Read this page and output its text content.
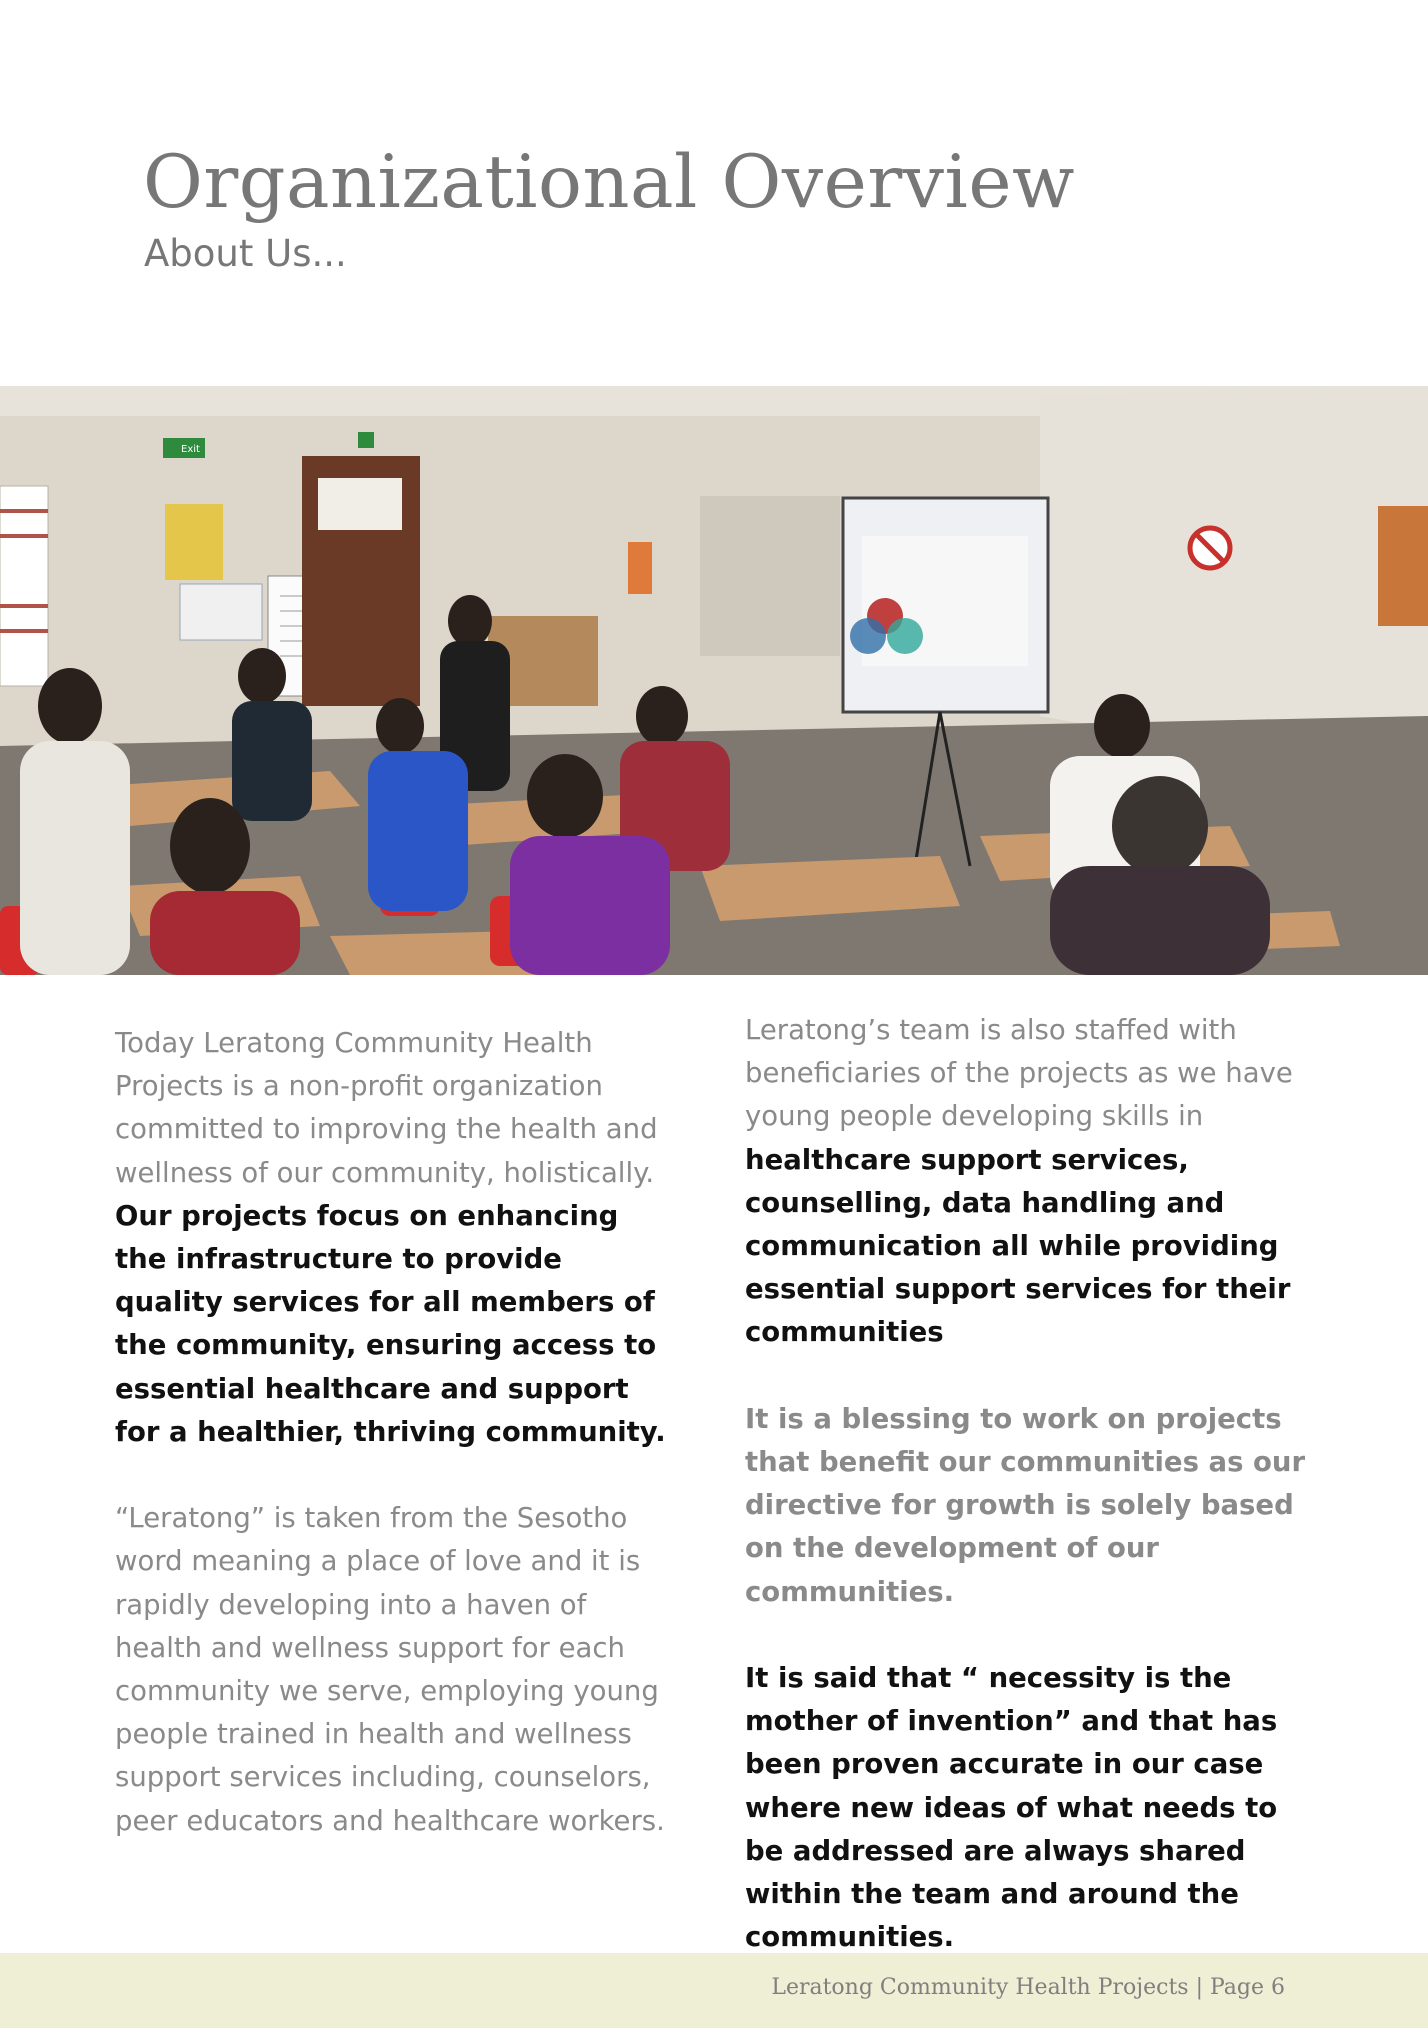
Organizational Overview
About Us...
Exit

Today Leratong Community Health Projects is a non-profit organization committed to improving the health and wellness of our community, holistically. Our projects focus on enhancing the infrastructure to provide quality services for all members of the community, ensuring access to essential healthcare and support for a healthier, thriving community.

“Leratong” is taken from the Sesotho word meaning a place of love and it is rapidly developing into a haven of health and wellness support for each community we serve, employing young people trained in health and wellness support services including, counselors, peer educators and healthcare workers.

Leratong’s team is also staffed with beneficiaries of the projects as we have young people developing skills in healthcare support services, counselling, data handling and communication all while providing essential support services for their communities

It is a blessing to work on projects that benefit our communities as our directive for growth is solely based on the development of our communities.

It is said that “ necessity is the mother of invention” and that has been proven accurate in our case where new ideas of what needs to be addressed are always shared within the team and around the communities.

Leratong Community Health Projects | Page 6
